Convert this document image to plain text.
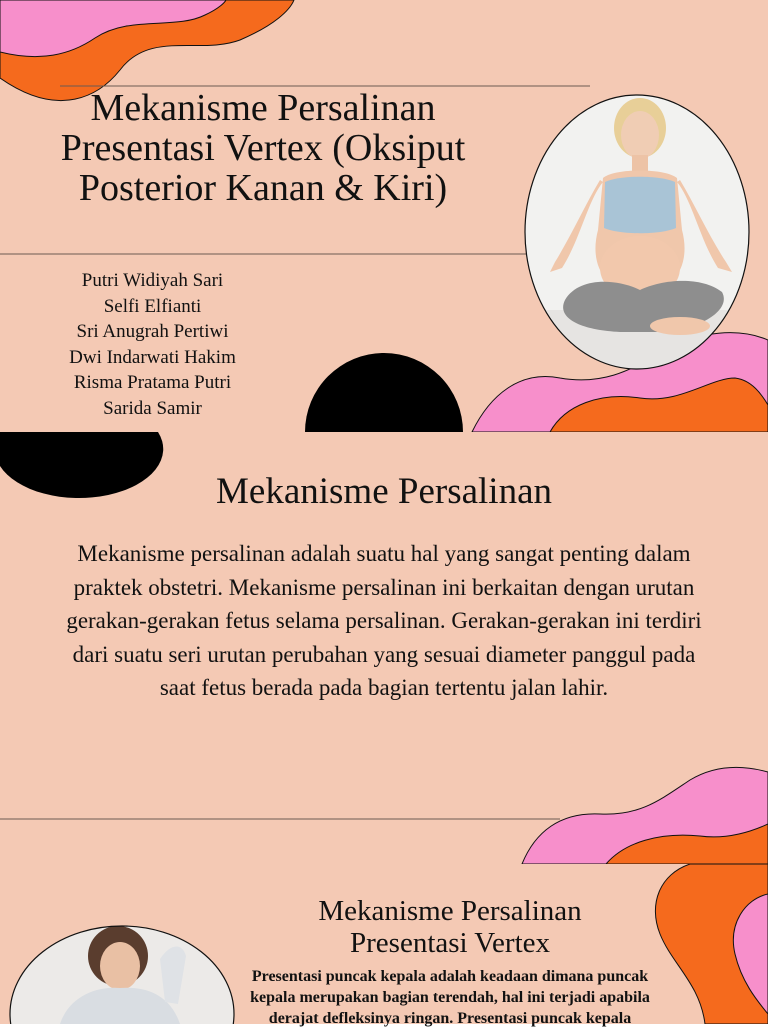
Mekanisme Persalinan Presentasi Vertex (Oksiput Posterior Kanan & Kiri)
Putri Widiyah Sari
Selfi Elfianti
Sri Anugrah Pertiwi
Dwi Indarwati Hakim
Risma Pratama Putri
Sarida Samir
Mekanisme Persalinan

Mekanisme persalinan adalah suatu hal yang sangat penting dalam praktek obstetri. Mekanisme persalinan ini berkaitan dengan urutan gerakan-gerakan fetus selama persalinan. Gerakan-gerakan ini terdiri dari suatu seri urutan perubahan yang sesuai diameter panggul pada saat fetus berada pada bagian tertentu jalan lahir.

Mekanisme Persalinan Presentasi Vertex

Presentasi puncak kepala adalah keadaan dimana puncak kepala merupakan bagian terendah, hal ini terjadi apabila derajat defleksinya ringan. Presentasi puncak kepala
